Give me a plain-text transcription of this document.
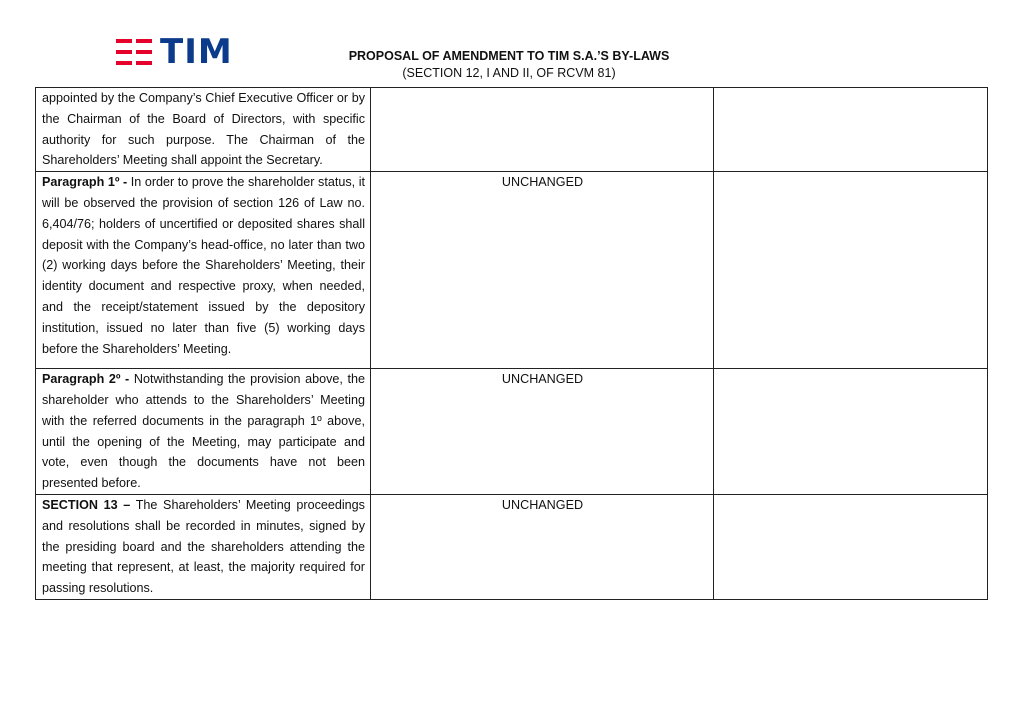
TIM	PROPOSAL OF AMENDMENT TO TIM S.A.’S BY-LAWS
(SECTION 12, I AND II, OF RCVM 81)
appointed by the Company’s Chief Executive Officer or by the Chairman of the Board of Directors, with specific authority for such purpose. The Chairman of the Shareholders’ Meeting shall appoint the Secretary.		
Paragraph 1º - In order to prove the shareholder status, it will be observed the provision of section 126 of Law no. 6,404/76; holders of uncertified or deposited shares shall deposit with the Company’s head-office, no later than two (2) working days before the Shareholders’ Meeting, their identity document and respective proxy, when needed, and the receipt/statement issued by the depository institution, issued no later than five (5) working days before the Shareholders’ Meeting.	UNCHANGED	
Paragraph 2º - Notwithstanding the provision above, the shareholder who attends to the Shareholders’ Meeting with the referred documents in the paragraph 1º above, until the opening of the Meeting, may participate and vote, even though the documents have not been presented before.	UNCHANGED	
SECTION 13 – The Shareholders’ Meeting proceedings and resolutions shall be recorded in minutes, signed by the presiding board and the shareholders attending the meeting that represent, at least, the majority required for passing resolutions.	UNCHANGED	
